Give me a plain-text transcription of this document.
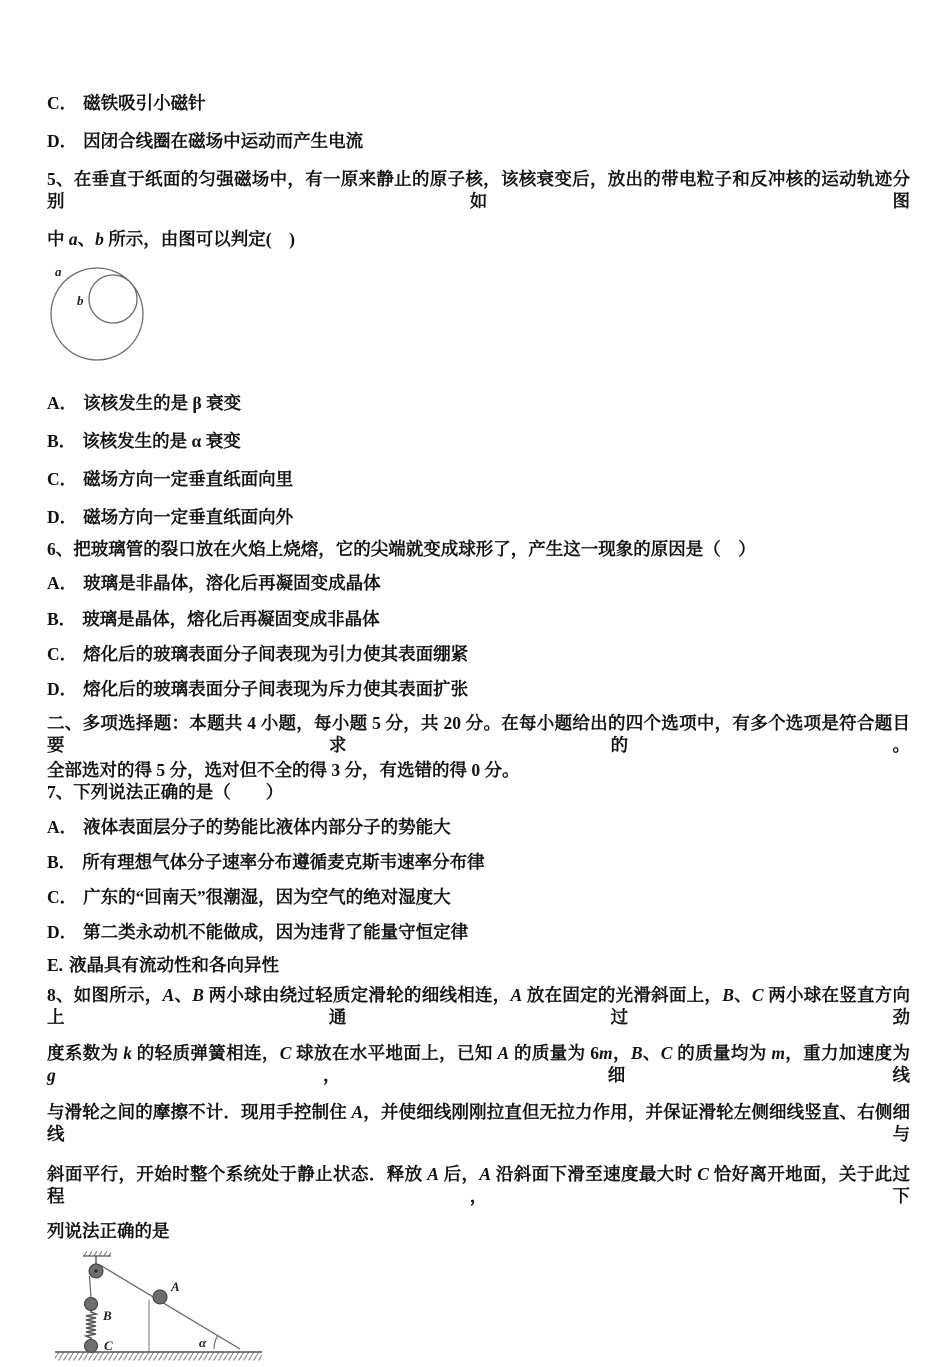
C． 磁铁吸引小磁针

D． 因闭合线圈在磁场中运动而产生电流

5、在垂直于纸面的匀强磁场中，有一原来静止的原子核，该核衰变后，放出的带电粒子和反冲核的运动轨迹分别如图

中 a、b 所示，由图可以判定(　)

a
b

A． 该核发生的是 β 衰变

B． 该核发生的是 α 衰变

C． 磁场方向一定垂直纸面向里

D． 磁场方向一定垂直纸面向外

6、把玻璃管的裂口放在火焰上烧熔，它的尖端就变成球形了，产生这一现象的原因是（　）

A． 玻璃是非晶体，溶化后再凝固变成晶体

B． 玻璃是晶体，熔化后再凝固变成非晶体

C． 熔化后的玻璃表面分子间表现为引力使其表面绷紧

D． 熔化后的玻璃表面分子间表现为斥力使其表面扩张

二、多项选择题：本题共 4 小题，每小题 5 分，共 20 分。在每小题给出的四个选项中，有多个选项是符合题目要求的。

全部选对的得 5 分，选对但不全的得 3 分，有选错的得 0 分。

7、下列说法正确的是（　　）

A． 液体表面层分子的势能比液体内部分子的势能大

B． 所有理想气体分子速率分布遵循麦克斯韦速率分布律

C． 广东的“回南天”很潮湿，因为空气的绝对湿度大

D． 第二类永动机不能做成，因为违背了能量守恒定律

E. 液晶具有流动性和各向异性

8、如图所示，A、B 两小球由绕过轻质定滑轮的细线相连，A 放在固定的光滑斜面上，B、C 两小球在竖直方向上通过劲

度系数为 k 的轻质弹簧相连，C 球放在水平地面上，已知 A 的质量为 6m，B、C 的质量均为 m，重力加速度为 g，细线

与滑轮之间的摩擦不计．现用手控制住 A，并使细线刚刚拉直但无拉力作用，并保证滑轮左侧细线竖直、右侧细线与

斜面平行，开始时整个系统处于静止状态．释放 A 后，A 沿斜面下滑至速度最大时 C 恰好离开地面，关于此过程，下

列说法正确的是

α
A
B
C
